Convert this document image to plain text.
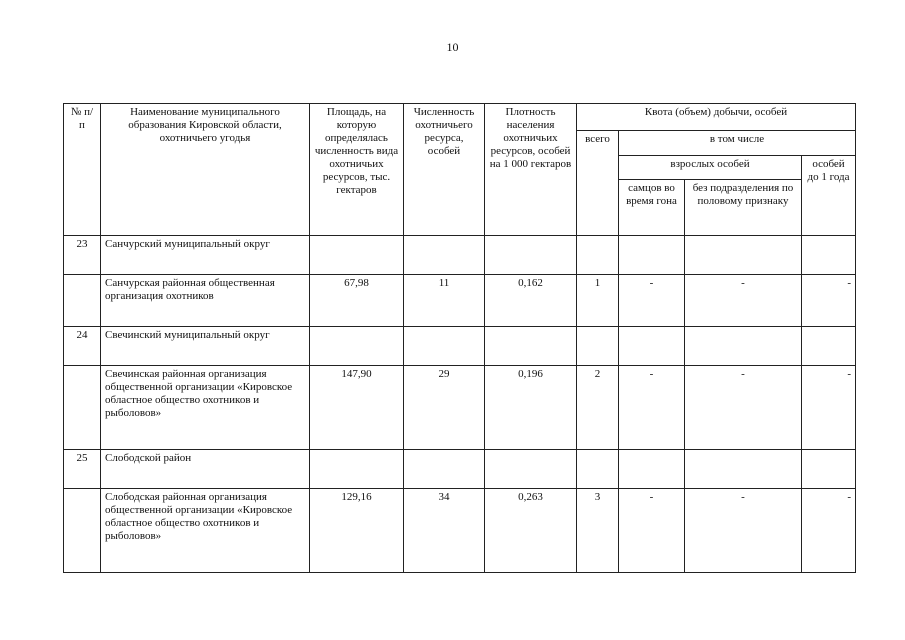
10
№ п/п	Наименование муниципального образования Кировской области, охотничьего угодья	Площадь, на которую определялась численность вида охотничьих ресурсов, тыс. гектаров	Численность охотничьего ресурса, особей	Плотность населения охотничьих ресурсов, особей на 1 000 гектаров	Квота (объем) добычи, особей			
					всего	в том числе		
						взрослых особей		особей до 1 года
						самцов во время гона	без подразделения по половому признаку	
23	Санчурский муниципальный округ							
	Санчурская районная общественная организация охотников	67,98	11	0,162	1	-	-	-
24	Свечинский муниципальный округ							
	Свечинская районная организация общественной организации «Кировское областное общество охотников и рыболовов»	147,90	29	0,196	2	-	-	-
25	Слободской район							
	Слободская районная организация общественной организации «Кировское областное общество охотников и рыболовов»	129,16	34	0,263	3	-	-	-
